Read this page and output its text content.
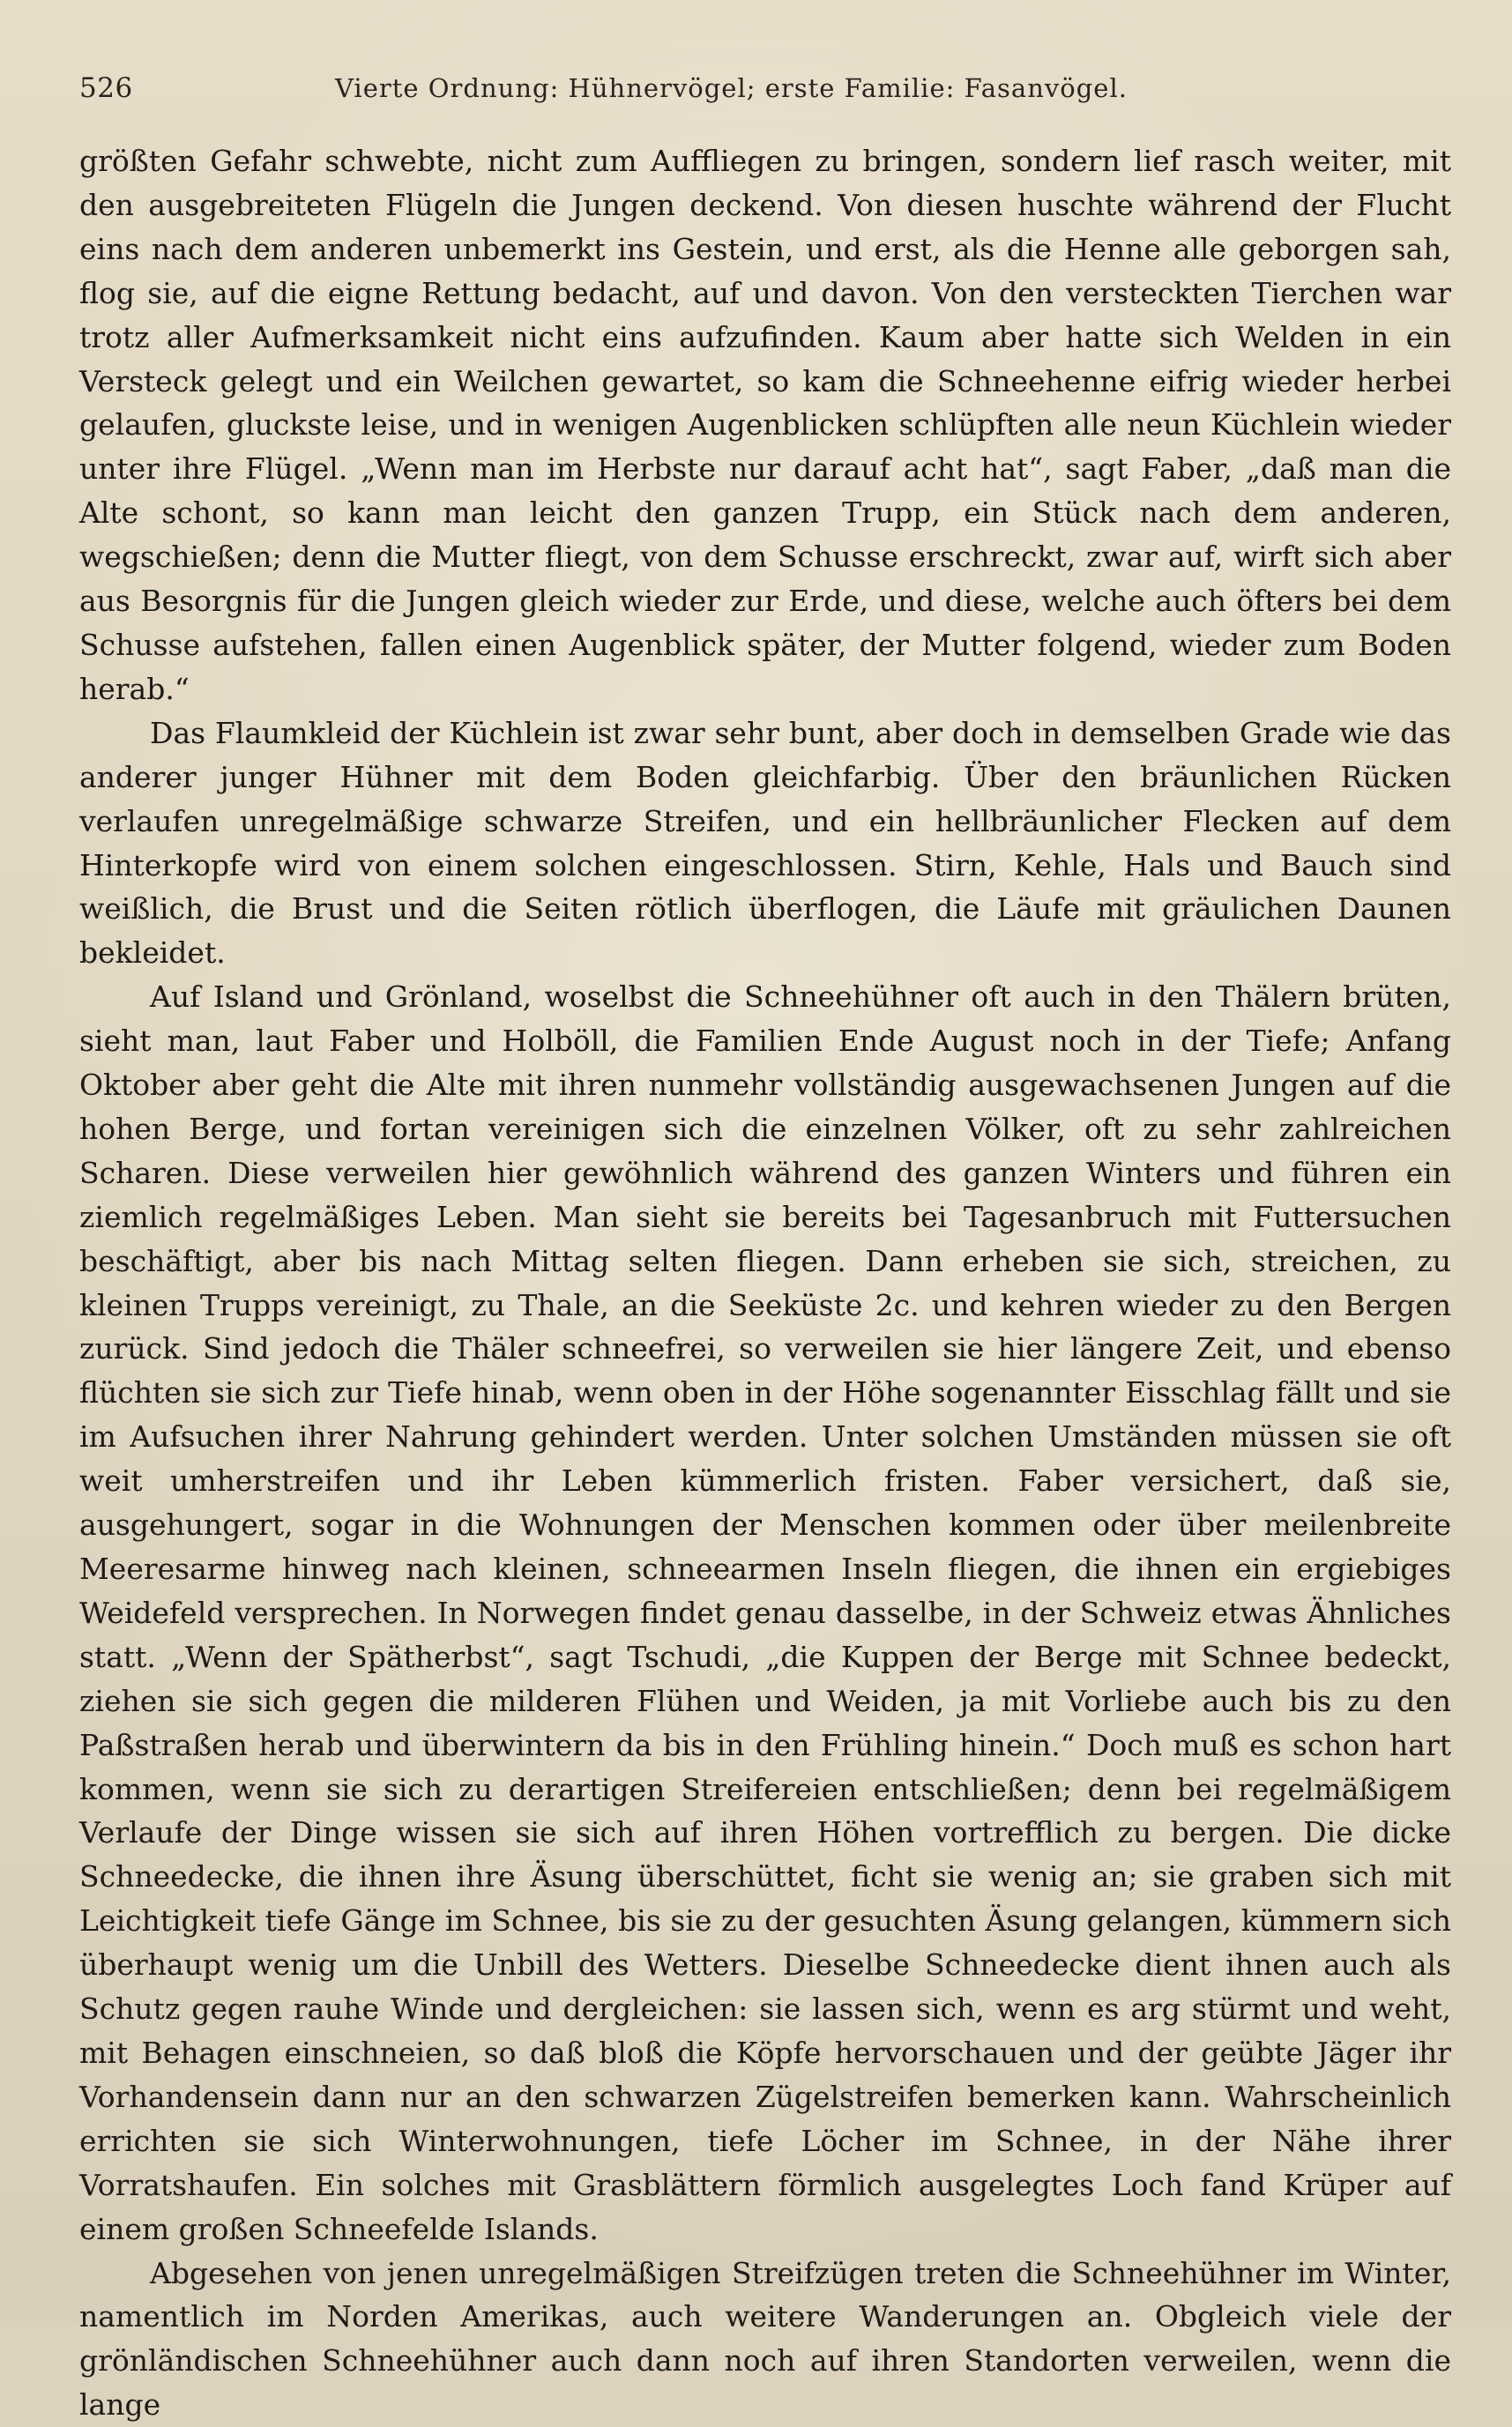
526	Vierte Ordnung: Hühnervögel; erste Familie: Fasanvögel.

größten Gefahr schwebte, nicht zum Auffliegen zu bringen, sondern lief rasch weiter, mit den ausgebreiteten Flügeln die Jungen deckend. Von diesen huschte während der Flucht eins nach dem anderen unbemerkt ins Gestein, und erst, als die Henne alle geborgen sah, flog sie, auf die eigne Rettung bedacht, auf und davon. Von den versteckten Tierchen war trotz aller Aufmerksamkeit nicht eins aufzufinden. Kaum aber hatte sich Welden in ein Versteck gelegt und ein Weilchen gewartet, so kam die Schneehenne eifrig wieder herbei gelaufen, gluckste leise, und in wenigen Augenblicken schlüpften alle neun Küchlein wieder unter ihre Flügel. „Wenn man im Herbste nur darauf acht hat“, sagt Faber, „daß man die Alte schont, so kann man leicht den ganzen Trupp, ein Stück nach dem anderen, wegschießen; denn die Mutter fliegt, von dem Schusse erschreckt, zwar auf, wirft sich aber aus Besorgnis für die Jungen gleich wieder zur Erde, und diese, welche auch öfters bei dem Schusse aufstehen, fallen einen Augenblick später, der Mutter folgend, wieder zum Boden herab.“

Das Flaumkleid der Küchlein ist zwar sehr bunt, aber doch in demselben Grade wie das anderer junger Hühner mit dem Boden gleichfarbig. Über den bräunlichen Rücken verlaufen unregelmäßige schwarze Streifen, und ein hellbräunlicher Flecken auf dem Hinterkopfe wird von einem solchen eingeschlossen. Stirn, Kehle, Hals und Bauch sind weißlich, die Brust und die Seiten rötlich überflogen, die Läufe mit gräulichen Daunen bekleidet.

Auf Island und Grönland, woselbst die Schneehühner oft auch in den Thälern brüten, sieht man, laut Faber und Holböll, die Familien Ende August noch in der Tiefe; Anfang Oktober aber geht die Alte mit ihren nunmehr vollständig ausgewachsenen Jungen auf die hohen Berge, und fortan vereinigen sich die einzelnen Völker, oft zu sehr zahlreichen Scharen. Diese verweilen hier gewöhnlich während des ganzen Winters und führen ein ziemlich regelmäßiges Leben. Man sieht sie bereits bei Tagesanbruch mit Futtersuchen beschäftigt, aber bis nach Mittag selten fliegen. Dann erheben sie sich, streichen, zu kleinen Trupps vereinigt, zu Thale, an die Seeküste 2c. und kehren wieder zu den Bergen zurück. Sind jedoch die Thäler schneefrei, so verweilen sie hier längere Zeit, und ebenso flüchten sie sich zur Tiefe hinab, wenn oben in der Höhe sogenannter Eisschlag fällt und sie im Aufsuchen ihrer Nahrung gehindert werden. Unter solchen Umständen müssen sie oft weit umherstreifen und ihr Leben kümmerlich fristen. Faber versichert, daß sie, ausgehungert, sogar in die Wohnungen der Menschen kommen oder über meilenbreite Meeresarme hinweg nach kleinen, schneearmen Inseln fliegen, die ihnen ein ergiebiges Weidefeld versprechen. In Norwegen findet genau dasselbe, in der Schweiz etwas Ähnliches statt. „Wenn der Spätherbst“, sagt Tschudi, „die Kuppen der Berge mit Schnee bedeckt, ziehen sie sich gegen die milderen Flühen und Weiden, ja mit Vorliebe auch bis zu den Paßstraßen herab und überwintern da bis in den Frühling hinein.“ Doch muß es schon hart kommen, wenn sie sich zu derartigen Streifereien entschließen; denn bei regelmäßigem Verlaufe der Dinge wissen sie sich auf ihren Höhen vortrefflich zu bergen. Die dicke Schneedecke, die ihnen ihre Äsung überschüttet, ficht sie wenig an; sie graben sich mit Leichtigkeit tiefe Gänge im Schnee, bis sie zu der gesuchten Äsung gelangen, kümmern sich überhaupt wenig um die Unbill des Wetters. Dieselbe Schneedecke dient ihnen auch als Schutz gegen rauhe Winde und dergleichen: sie lassen sich, wenn es arg stürmt und weht, mit Behagen einschneien, so daß bloß die Köpfe hervorschauen und der geübte Jäger ihr Vorhandensein dann nur an den schwarzen Zügelstreifen bemerken kann. Wahrscheinlich errichten sie sich Winterwohnungen, tiefe Löcher im Schnee, in der Nähe ihrer Vorratshaufen. Ein solches mit Grasblättern förmlich ausgelegtes Loch fand Krüper auf einem großen Schneefelde Islands.

Abgesehen von jenen unregelmäßigen Streifzügen treten die Schneehühner im Winter, namentlich im Norden Amerikas, auch weitere Wanderungen an. Obgleich viele der grönländischen Schneehühner auch dann noch auf ihren Standorten verweilen, wenn die lange
